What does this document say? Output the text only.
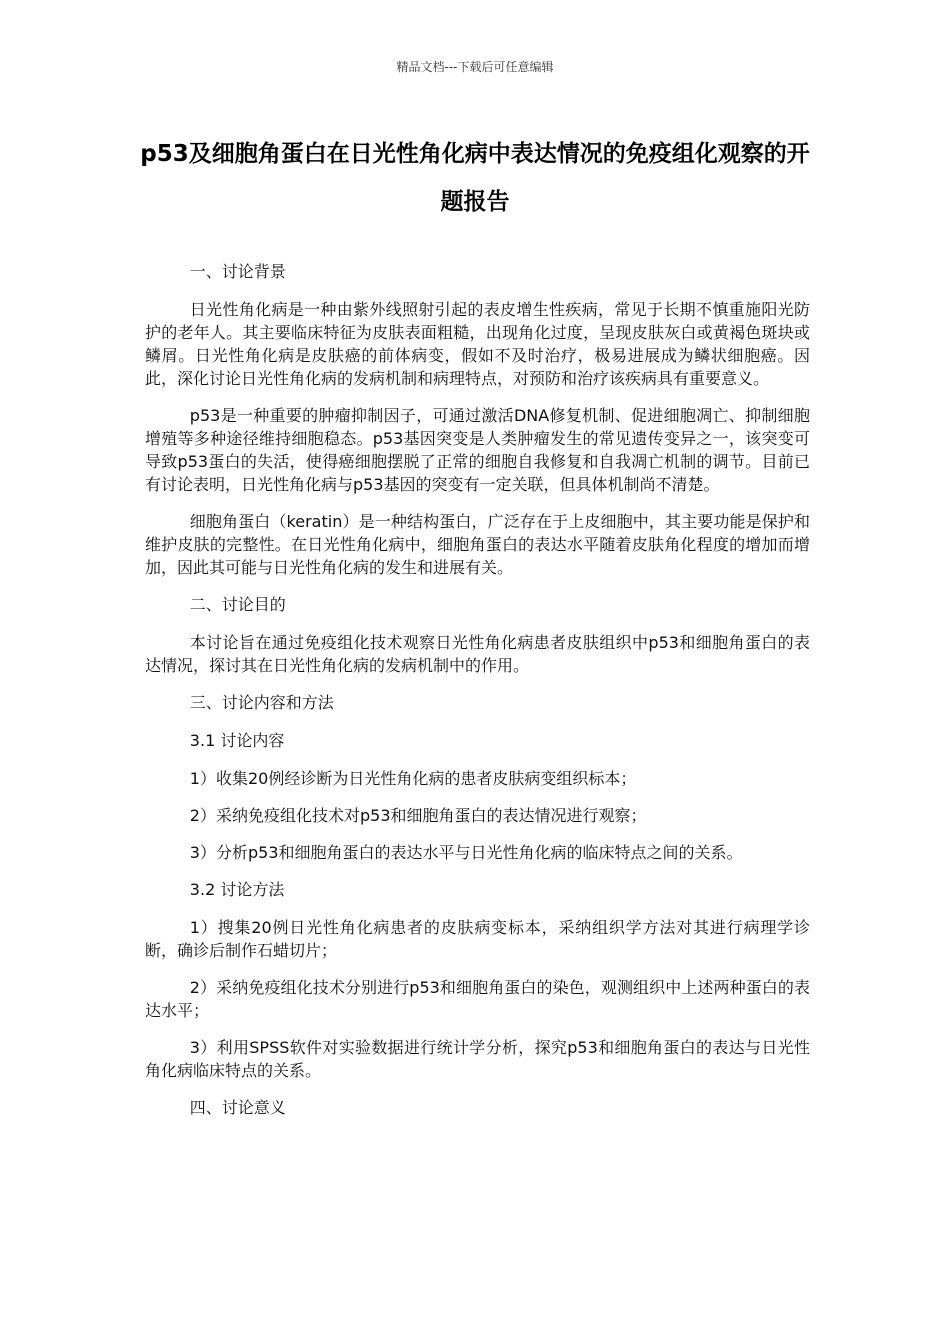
精品文档---下载后可任意编辑
p53及细胞角蛋白在日光性角化病中表达情况的免疫组化观察的开题报告

一、讨论背景

日光性角化病是一种由紫外线照射引起的表皮增生性疾病，常见于长期不慎重施阳光防护的老年人。其主要临床特征为皮肤表面粗糙，出现角化过度，呈现皮肤灰白或黄褐色斑块或鳞屑。日光性角化病是皮肤癌的前体病变，假如不及时治疗，极易进展成为鳞状细胞癌。因此，深化讨论日光性角化病的发病机制和病理特点，对预防和治疗该疾病具有重要意义。

p53是一种重要的肿瘤抑制因子，可通过激活DNA修复机制、促进细胞凋亡、抑制细胞增殖等多种途径维持细胞稳态。p53基因突变是人类肿瘤发生的常见遗传变异之一，该突变可导致p53蛋白的失活，使得癌细胞摆脱了正常的细胞自我修复和自我凋亡机制的调节。目前已有讨论表明，日光性角化病与p53基因的突变有一定关联，但具体机制尚不清楚。

细胞角蛋白（keratin）是一种结构蛋白，广泛存在于上皮细胞中，其主要功能是保护和维护皮肤的完整性。在日光性角化病中，细胞角蛋白的表达水平随着皮肤角化程度的增加而增加，因此其可能与日光性角化病的发生和进展有关。

二、讨论目的

本讨论旨在通过免疫组化技术观察日光性角化病患者皮肤组织中p53和细胞角蛋白的表达情况，探讨其在日光性角化病的发病机制中的作用。

三、讨论内容和方法

3.1 讨论内容

1）收集20例经诊断为日光性角化病的患者皮肤病变组织标本；

2）采纳免疫组化技术对p53和细胞角蛋白的表达情况进行观察；

3）分析p53和细胞角蛋白的表达水平与日光性角化病的临床特点之间的关系。

3.2 讨论方法

1）搜集20例日光性角化病患者的皮肤病变标本，采纳组织学方法对其进行病理学诊断，确诊后制作石蜡切片；

2）采纳免疫组化技术分别进行p53和细胞角蛋白的染色，观测组织中上述两种蛋白的表达水平；

3）利用SPSS软件对实验数据进行统计学分析，探究p53和细胞角蛋白的表达与日光性角化病临床特点的关系。

四、讨论意义
